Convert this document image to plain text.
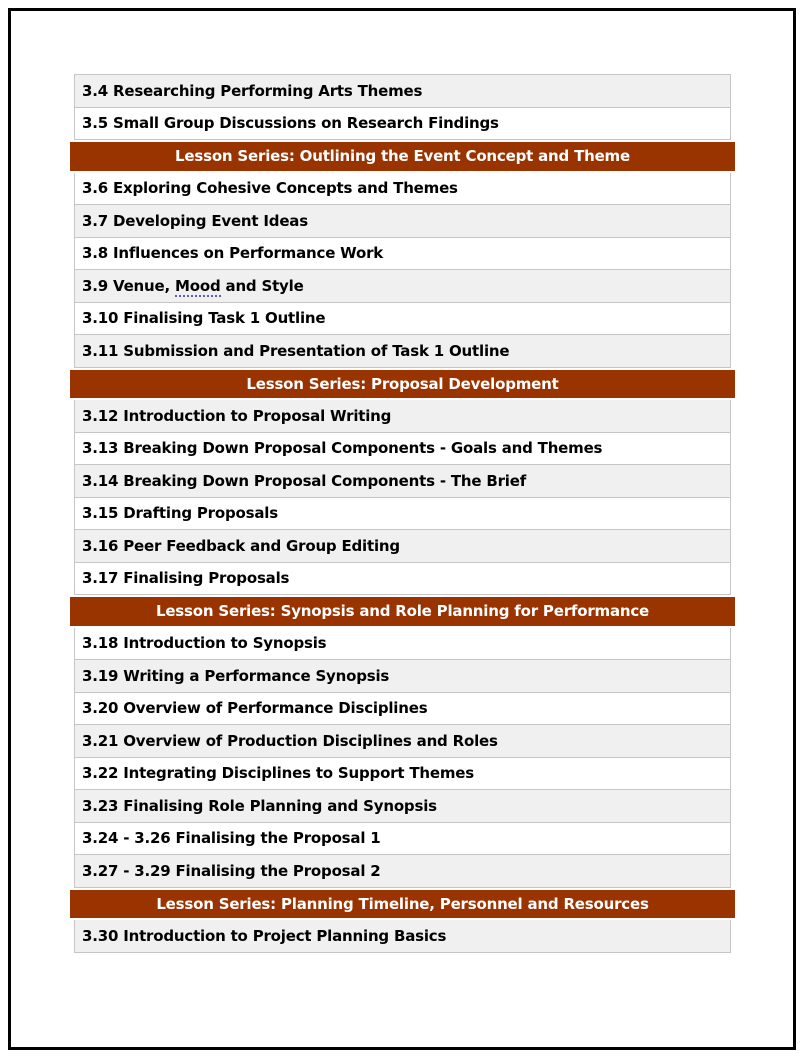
3.4 Researching Performing Arts Themes
3.5 Small Group Discussions on Research Findings
Lesson Series: Outlining the Event Concept and Theme
3.6 Exploring Cohesive Concepts and Themes
3.7 Developing Event Ideas
3.8 Influences on Performance Work
3.9 Venue, Mood and Style
3.10 Finalising Task 1 Outline
3.11 Submission and Presentation of Task 1 Outline
Lesson Series: Proposal Development
3.12 Introduction to Proposal Writing
3.13 Breaking Down Proposal Components - Goals and Themes
3.14 Breaking Down Proposal Components - The Brief
3.15 Drafting Proposals
3.16 Peer Feedback and Group Editing
3.17 Finalising Proposals
Lesson Series: Synopsis and Role Planning for Performance
3.18 Introduction to Synopsis
3.19 Writing a Performance Synopsis
3.20 Overview of Performance Disciplines
3.21 Overview of Production Disciplines and Roles
3.22 Integrating Disciplines to Support Themes
3.23 Finalising Role Planning and Synopsis
3.24 - 3.26 Finalising the Proposal 1
3.27 - 3.29 Finalising the Proposal 2
Lesson Series: Planning Timeline, Personnel and Resources
3.30 Introduction to Project Planning Basics
